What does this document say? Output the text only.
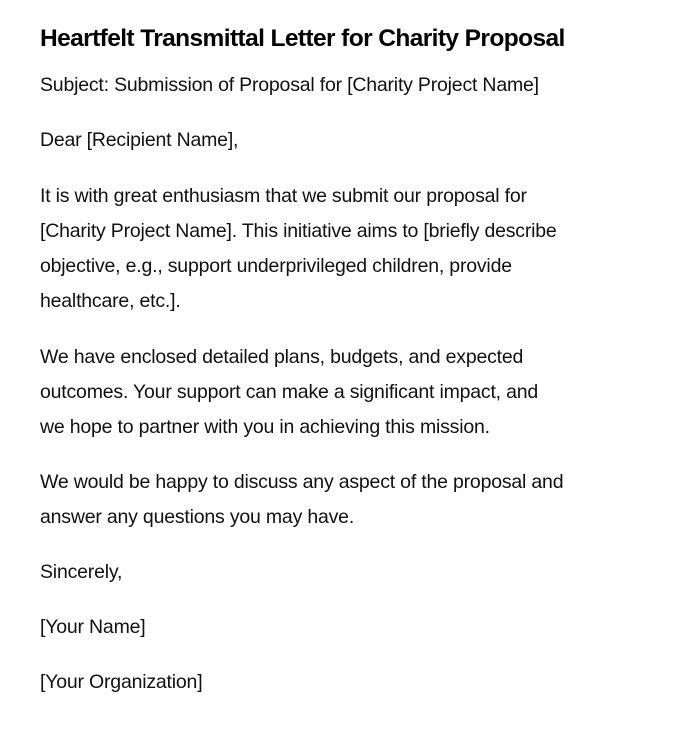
Heartfelt Transmittal Letter for Charity Proposal

Subject: Submission of Proposal for [Charity Project Name]

Dear [Recipient Name],

It is with great enthusiasm that we submit our proposal for
[Charity Project Name]. This initiative aims to [briefly describe
objective, e.g., support underprivileged children, provide
healthcare, etc.].
We have enclosed detailed plans, budgets, and expected
outcomes. Your support can make a significant impact, and
we hope to partner with you in achieving this mission.
We would be happy to discuss any aspect of the proposal and
answer any questions you may have.

Sincerely,

[Your Name]

[Your Organization]
